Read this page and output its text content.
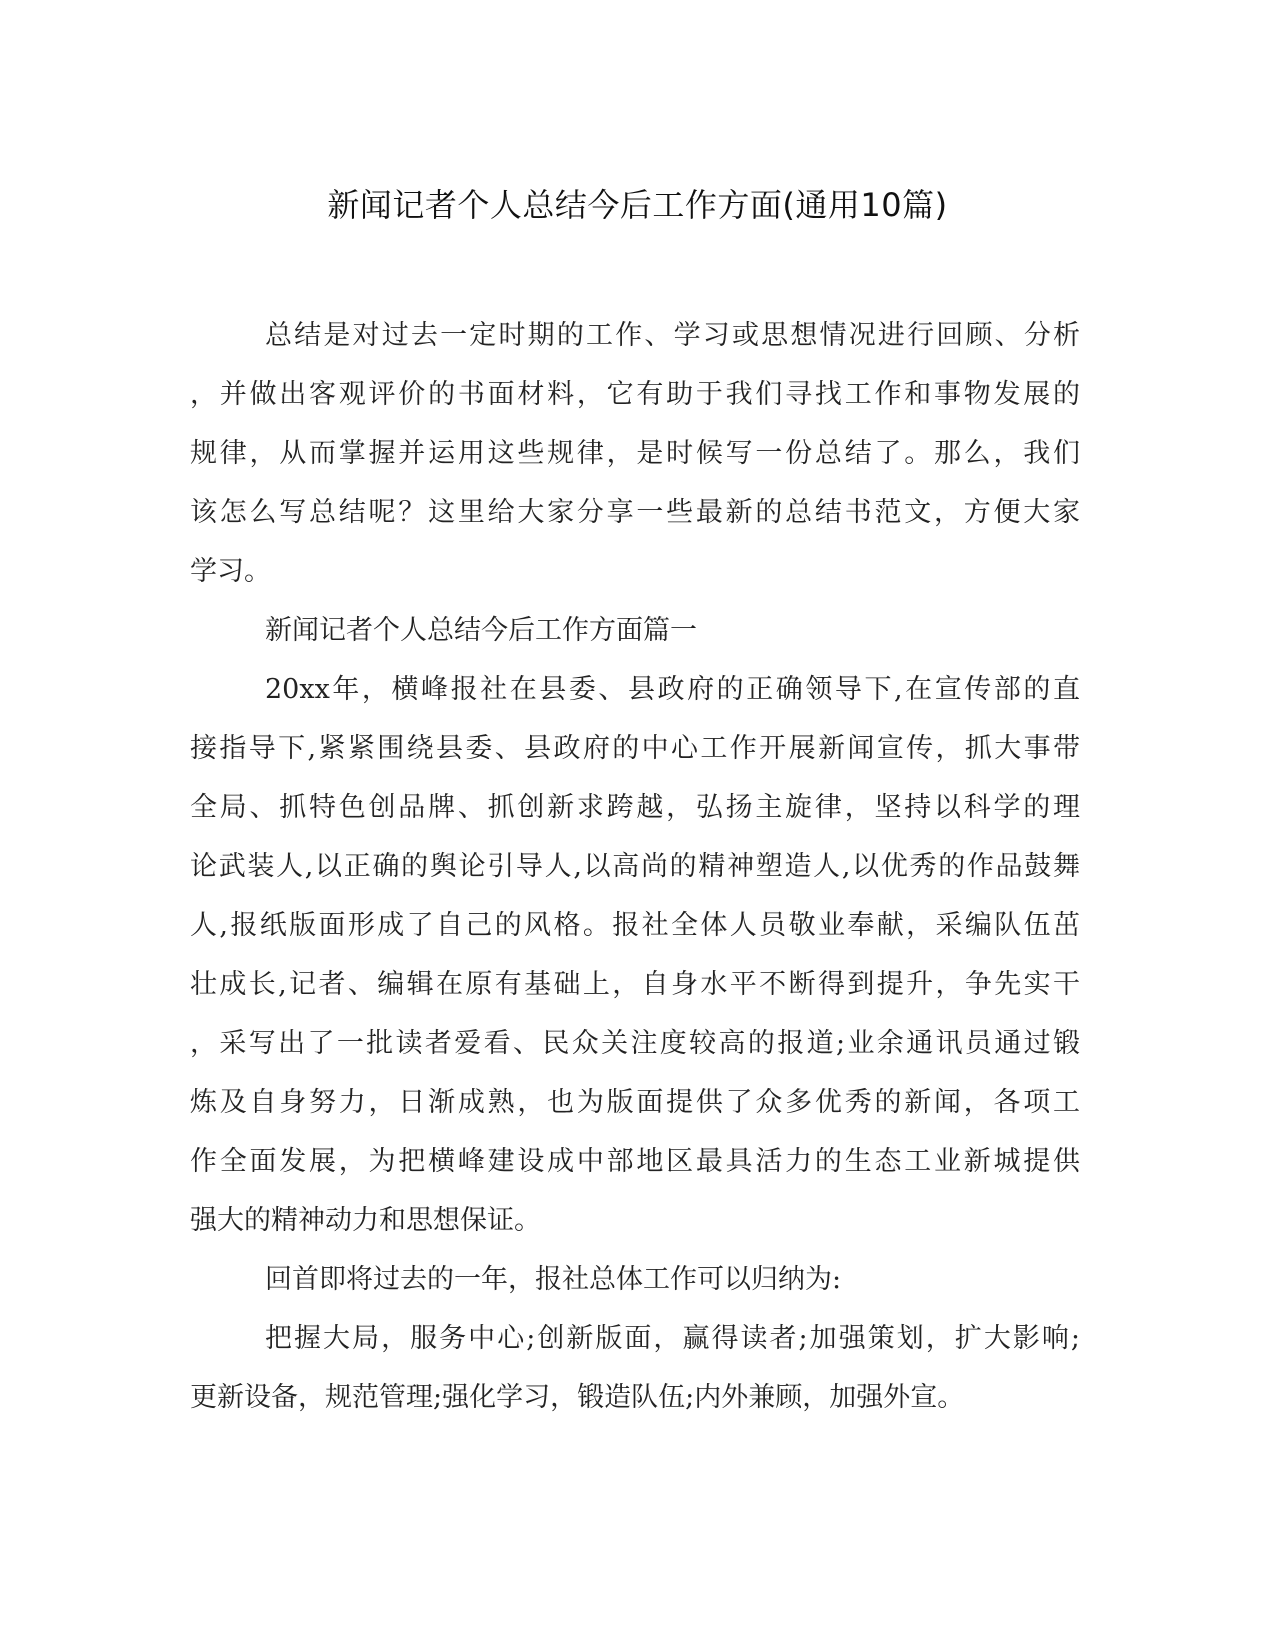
新闻记者个人总结今后工作方面(通用10篇)
总结是对过去一定时期的工作、学习或思想情况进行回顾、分析
，并做出客观评价的书面材料，它有助于我们寻找工作和事物发展的
规律，从而掌握并运用这些规律，是时候写一份总结了。那么，我们
该怎么写总结呢？这里给大家分享一些最新的总结书范文，方便大家
学习。
新闻记者个人总结今后工作方面篇一
20xx年，横峰报社在县委、县政府的正确领导下,在宣传部的直
接指导下,紧紧围绕县委、县政府的中心工作开展新闻宣传，抓大事带
全局、抓特色创品牌、抓创新求跨越，弘扬主旋律，坚持以科学的理
论武装人,以正确的舆论引导人,以高尚的精神塑造人,以优秀的作品鼓舞
人,报纸版面形成了自己的风格。报社全体人员敬业奉献，采编队伍茁
壮成长,记者、编辑在原有基础上，自身水平不断得到提升，争先实干
，采写出了一批读者爱看、民众关注度较高的报道;业余通讯员通过锻
炼及自身努力，日渐成熟，也为版面提供了众多优秀的新闻，各项工
作全面发展，为把横峰建设成中部地区最具活力的生态工业新城提供
强大的精神动力和思想保证。
回首即将过去的一年，报社总体工作可以归纳为:
把握大局，服务中心;创新版面，赢得读者;加强策划，扩大影响;
更新设备，规范管理;强化学习，锻造队伍;内外兼顾，加强外宣。
